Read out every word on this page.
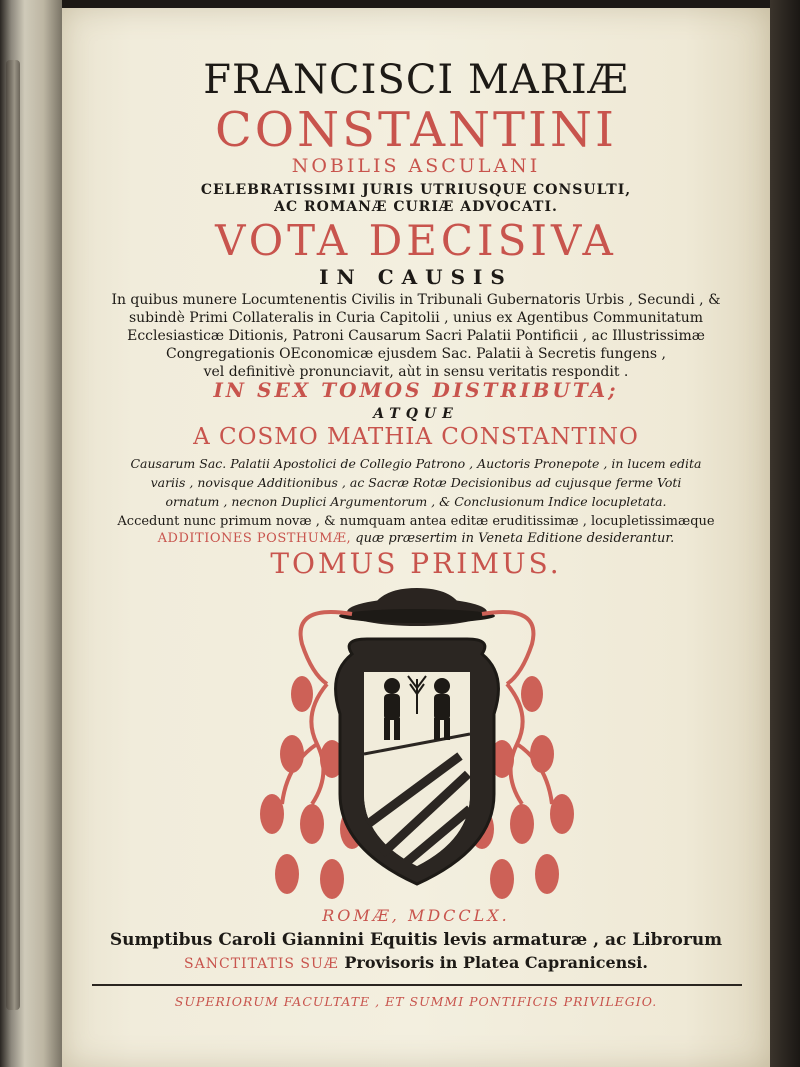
FRANCISCI MARIÆ

CONSTANTINI

NOBILIS ASCULANI

CELEBRATISSIMI JURIS UTRIUSQUE CONSULTI,

AC ROMANÆ CURIÆ ADVOCATI.

VOTA DECISIVA

IN CAUSIS

In quibus munere Locumtenentis Civilis in Tribunali Gubernatoris Urbis , Secundi , &

subindè Primi Collateralis in Curia Capitolii , unius ex Agentibus Communitatum

Ecclesiasticæ Ditionis, Patroni Causarum Sacri Palatii Pontificii , ac Illustrissimæ

Congregationis OEconomicæ ejusdem Sac. Palatii à Secretis fungens ,

vel definitivè pronunciavit, aùt in sensu veritatis respondit .

IN SEX TOMOS DISTRIBUTA;

ATQUE

A COSMO MATHIA CONSTANTINO

Causarum Sac. Palatii Apostolici de Collegio Patrono , Auctoris Pronepote , in lucem edita

variis , novisque Additionibus , ac Sacræ Rotæ Decisionibus ad cujusque ferme Voti

ornatum , necnon Duplici Argumentorum , & Conclusionum Indice locupletata.

Accedunt nunc primum novæ , & numquam antea editæ eruditissimæ , locupletissimæque

ADDITIONES POSTHUMÆ, quæ præsertim in Veneta Editione desiderantur.

TOMUS PRIMUS.

ROMÆ, MDCCLX.

Sumptibus Caroli Giannini Equitis levis armaturæ , ac Librorum

SANCTITATIS SUÆ Provisoris in Platea Capranicensi.

SUPERIORUM FACULTATE , ET SUMMI PONTIFICIS PRIVILEGIO.
